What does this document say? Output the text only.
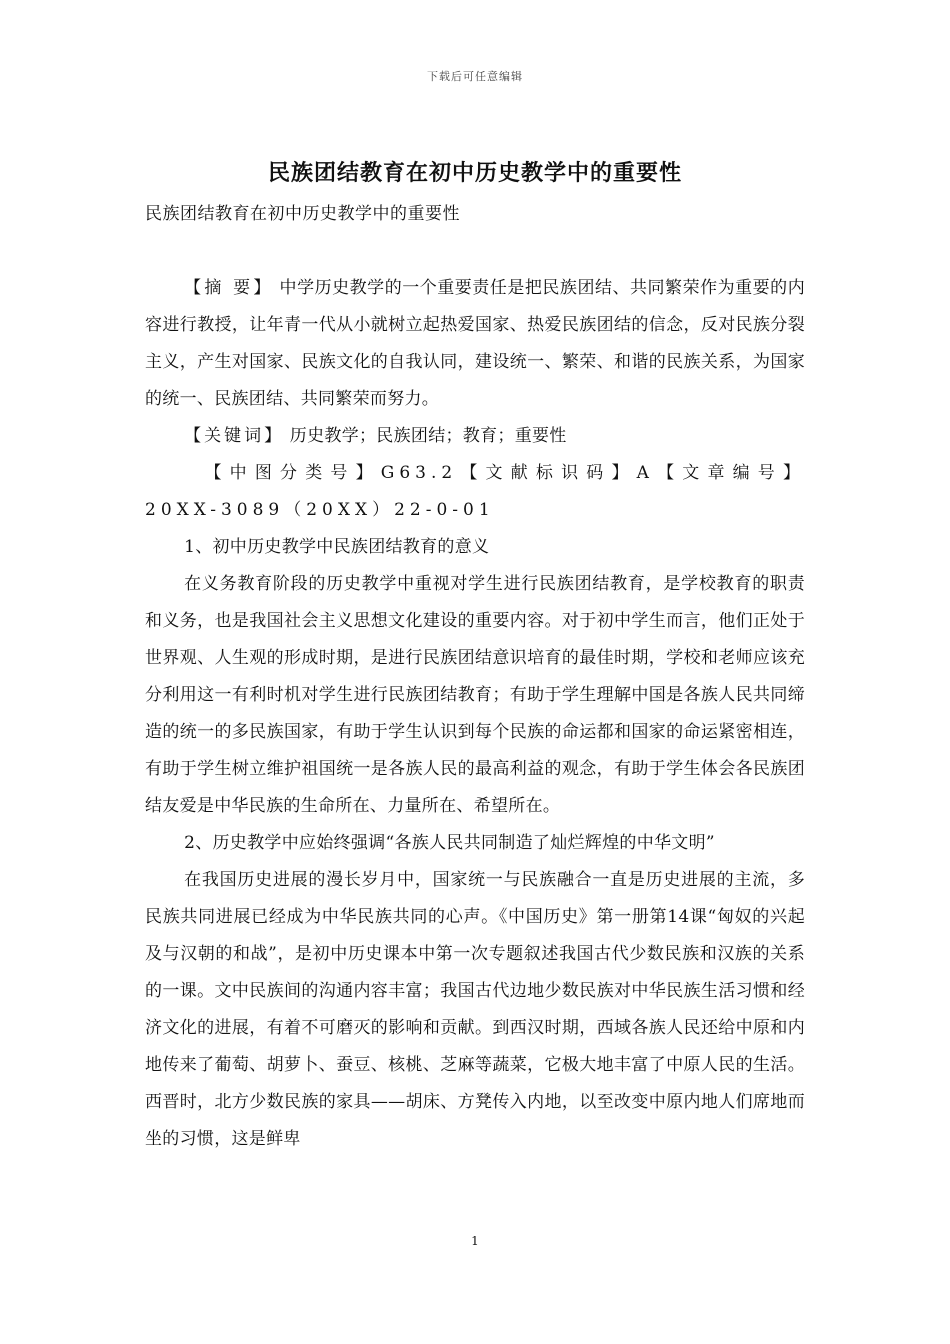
下载后可任意编辑
民族团结教育在初中历史教学中的重要性
民族团结教育在初中历史教学中的重要性

【摘 要】 中学历史教学的一个重要责任是把民族团结、共同繁荣作为重要的内容进行教授，让年青一代从小就树立起热爱国家、热爱民族团结的信念，反对民族分裂主义，产生对国家、民族文化的自我认同，建设统一、繁荣、和谐的民族关系，为国家的统一、民族团结、共同繁荣而努力。

【关键词】 历史教学；民族团结；教育；重要性

【中图分类号】G63.2【文献标识码】A【文章编号】20XX-3089（20XX）22-0-01

1、初中历史教学中民族团结教育的意义

在义务教育阶段的历史教学中重视对学生进行民族团结教育，是学校教育的职责和义务，也是我国社会主义思想文化建设的重要内容。对于初中学生而言，他们正处于世界观、人生观的形成时期，是进行民族团结意识培育的最佳时期，学校和老师应该充分利用这一有利时机对学生进行民族团结教育；有助于学生理解中国是各族人民共同缔造的统一的多民族国家，有助于学生认识到每个民族的命运都和国家的命运紧密相连，有助于学生树立维护祖国统一是各族人民的最高利益的观念，有助于学生体会各民族团结友爱是中华民族的生命所在、力量所在、希望所在。

2、历史教学中应始终强调“各族人民共同制造了灿烂辉煌的中华文明”

在我国历史进展的漫长岁月中，国家统一与民族融合一直是历史进展的主流，多民族共同进展已经成为中华民族共同的心声。《中国历史》第一册第14课“匈奴的兴起及与汉朝的和战”，是初中历史课本中第一次专题叙述我国古代少数民族和汉族的关系的一课。文中民族间的沟通内容丰富；我国古代边地少数民族对中华民族生活习惯和经济文化的进展，有着不可磨灭的影响和贡献。到西汉时期，西域各族人民还给中原和内地传来了葡萄、胡萝卜、蚕豆、核桃、芝麻等蔬菜，它极大地丰富了中原人民的生活。西晋时，北方少数民族的家具——胡床、方凳传入内地，以至改变中原内地人们席地而坐的习惯，这是鲜卑

1
